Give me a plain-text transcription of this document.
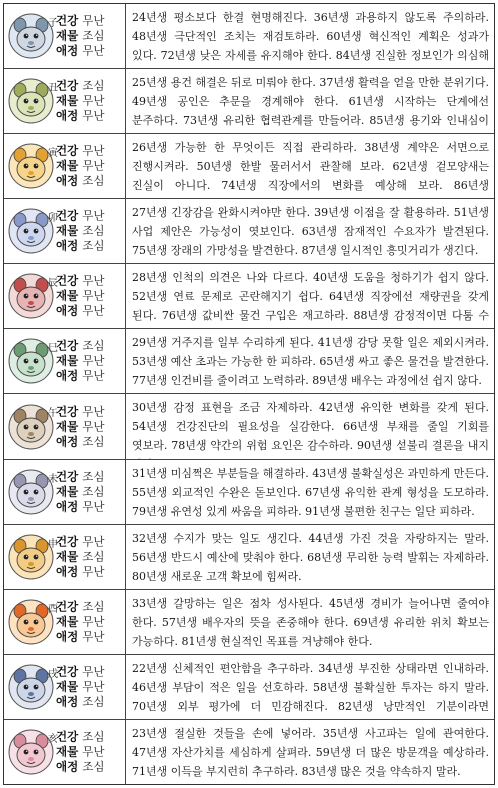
子
건강 무난
재물 조심
애정 무난
24년생 평소보다 한결 현명해진다. 36년생 과용하지 않도록 주의하라. 48년생 극단적인 조치는 재검토하라. 60년생 혁신적인 계획은 성과가 있다. 72년생 낮은 자세를 유지해야 한다. 84년생 진실한 정보인가 의심해
丑
건강 조심
재물 무난
애정 무난
25년생 용건 해결은 뒤로 미뤄야 한다. 37년생 활력을 얻을 만한 분위기다. 49년생 공인은 추문을 경계해야 한다. 61년생 시작하는 단계에선 분주하다. 73년생 유리한 협력관계를 만들어라. 85년생 용기와 인내심이
寅
건강 무난
재물 무난
애정 조심
26년생 가능한 한 무엇이든 직접 관리하라. 38년생 계약은 서면으로 진행시켜라. 50년생 한발 물러서서 관찰해 보라. 62년생 겉모양새는 진실이 아니다. 74년생 직장에서의 변화를 예상해 보라. 86년생
卯
건강 무난
재물 조심
애정 조심
27년생 긴장감을 완화시켜야만 한다. 39년생 이점을 잘 활용하라. 51년생 사업 제안은 가능성이 엿보인다. 63년생 잠재적인 수요자가 발견된다. 75년생 장래의 가망성을 발견한다. 87년생 일시적인 흥밋거리가 생긴다.
辰
건강 무난
재물 무난
애정 무난
28년생 인척의 의견은 나와 다르다. 40년생 도움을 청하기가 쉽지 않다. 52년생 연료 문제로 곤란해지기 쉽다. 64년생 직장에선 재량권을 갖게 된다. 76년생 값비싼 물건 구입은 재고하라. 88년생 감정적이면 다툼 수
巳
건강 조심
재물 무난
애정 무난
29년생 거주지를 일부 수리하게 된다. 41년생 감당 못할 일은 제외시켜라. 53년생 예산 초과는 가능한 한 피하라. 65년생 싸고 좋은 물건을 발견한다. 77년생 인건비를 줄이려고 노력하라. 89년생 배우는 과정에선 쉽지 않다.
午
건강 무난
재물 무난
애정 조심
30년생 감정 표현을 조금 자제하라. 42년생 유익한 변화를 갖게 된다. 54년생 건강진단의 필요성을 실감한다. 66년생 부채를 줄일 기회를 엿보라. 78년생 약간의 위험 요인은 감수하라. 90년생 섣불리 결론을 내지
未
건강 조심
재물 조심
애정 무난
31년생 미심쩍은 부분들을 해결하라. 43년생 불확실성은 과민하게 만든다. 55년생 외교적인 수완은 돋보인다. 67년생 유익한 관계 형성을 도모하라. 79년생 유연성 있게 싸움을 피하라. 91년생 불편한 친구는 일단 피하라.
申
건강 무난
재물 조심
애정 무난
32년생 수지가 맞는 일도 생긴다. 44년생 가진 것을 자랑하지는 말라. 56년생 반드시 예산에 맞춰야 한다. 68년생 무리한 능력 발휘는 자제하라. 80년생 새로운 고객 확보에 힘써라.
酉
건강 조심
재물 무난
애정 무난
33년생 갈망하는 일은 점차 성사된다. 45년생 경비가 늘어나면 줄여야 한다. 57년생 배우자의 뜻을 존중해야 한다. 69년생 유리한 위치 확보는 가능하다. 81년생 현실적인 목표를 겨냥해야 한다.
戌
건강 무난
재물 무난
애정 조심
22년생 신체적인 편안함을 추구하라. 34년생 부진한 상태라면 인내하라. 46년생 부담이 적은 일을 선호하라. 58년생 불확실한 투자는 하지 말라. 70년생 외부 평가에 더 민감해진다. 82년생 낭만적인 기분이라면
亥
건강 조심
재물 무난
애정 조심
23년생 절실한 것들을 손에 넣어라. 35년생 사고파는 일에 관여한다. 47년생 자산가치를 세심하게 살펴라. 59년생 더 많은 방문객을 예상하라. 71년생 이득을 부지런히 추구하라. 83년생 많은 것을 약속하지 말라.
